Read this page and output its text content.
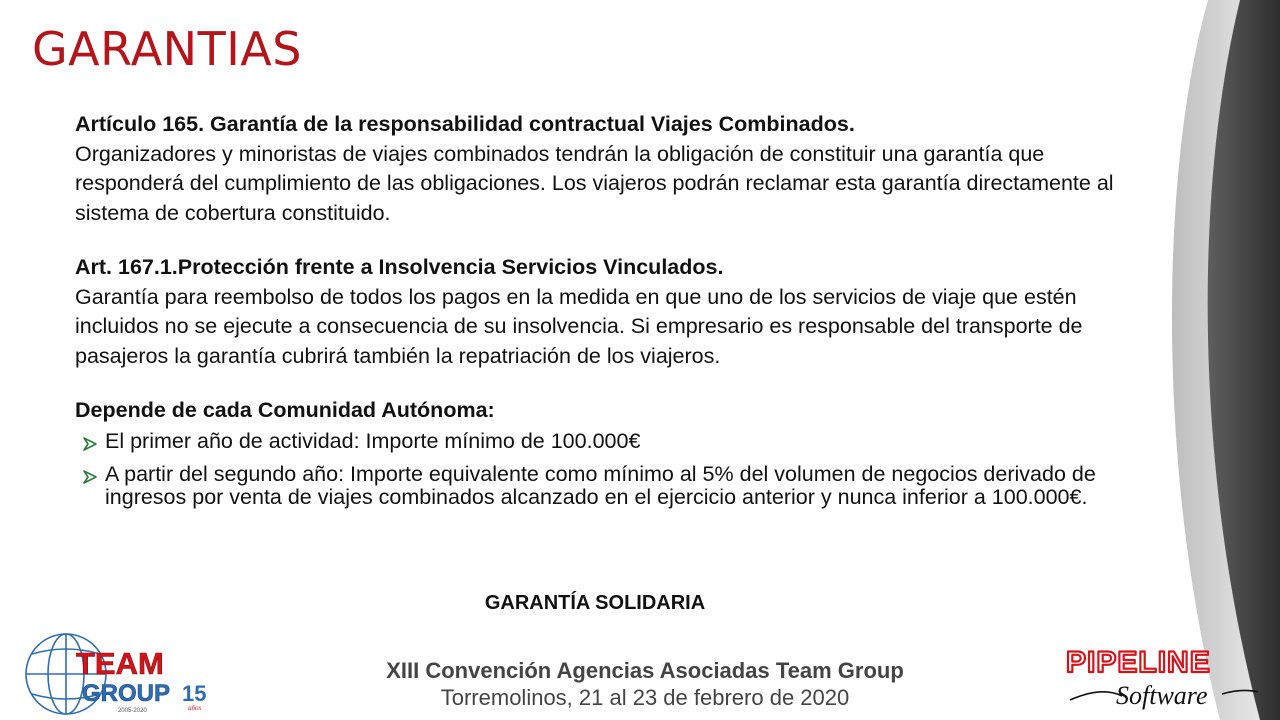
GARANTIAS

Artículo 165. Garantía de la responsabilidad contractual Viajes Combinados.
Organizadores y minoristas de viajes combinados tendrán la obligación de constituir una garantía que responderá del cumplimiento de las obligaciones. Los viajeros podrán reclamar esta garantía directamente al sistema de cobertura constituido.

Art. 167.1.Protección frente a Insolvencia Servicios Vinculados.
Garantía para reembolso de todos los pagos en la medida en que uno de los servicios de viaje que estén incluidos no se ejecute a consecuencia de su insolvencia. Si empresario es responsable del transporte de pasajeros la garantía cubrirá también la repatriación de los viajeros.

Depende de cada Comunidad Autónoma:

El primer año de actividad: Importe mínimo de 100.000€
A partir del segundo año: Importe equivalente como mínimo al 5% del volumen de negocios derivado de ingresos por venta de viajes combinados alcanzado en el ejercicio anterior y nunca inferior a 100.000€.
GARANTÍA SOLIDARIA
XIII Convención Agencias Asociadas Team Group
Torremolinos, 21 al 23 de febrero de 2020
TEAM
GROUP 15
años
2005-2020
PIPELINE
Software
